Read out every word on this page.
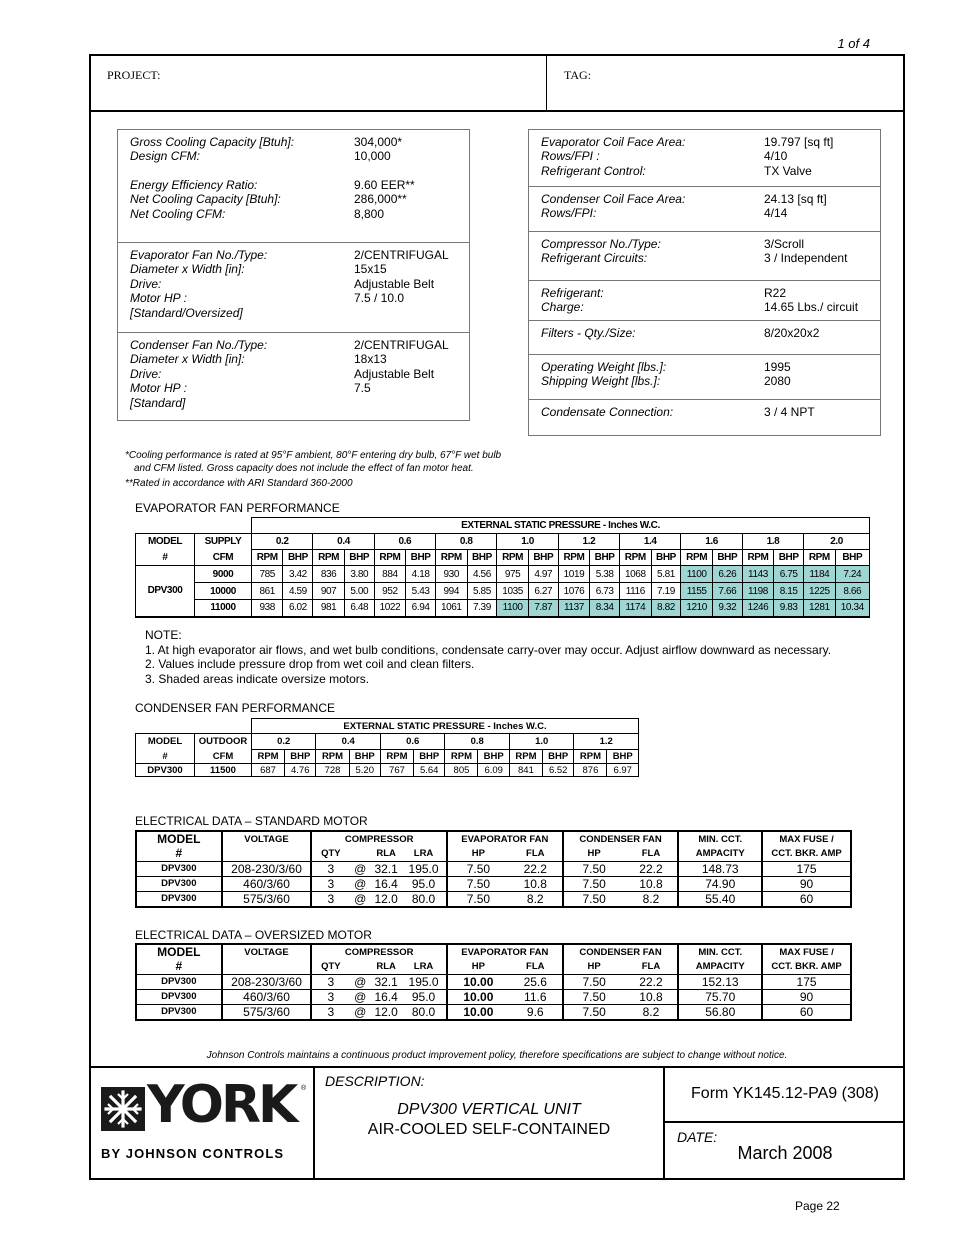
1 of 4
PROJECT:	TAG:
Gross Cooling Capacity [Btuh]:	304,000*
Design CFM:	10,000
Energy Efficiency Ratio:	9.60 EER**
Net Cooling Capacity [Btuh]:	286,000**
Net Cooling CFM:	8,800
Evaporator Fan No./Type:	2/CENTRIFUGAL
Diameter x Width [in]:	15x15
Drive:	Adjustable Belt
Motor HP :	7.5 / 10.0
[Standard/Oversized]
Condenser Fan No./Type:	2/CENTRIFUGAL
Diameter x Width [in]:	18x13
Drive:	Adjustable Belt
Motor HP :	7.5
[Standard]
Evaporator Coil Face Area:	19.797 [sq ft]
Rows/FPI :	4/10
Refrigerant Control:	TX Valve
Condenser Coil Face Area:	24.13 [sq ft]
Rows/FPI:	4/14
Compressor No./Type:	3/Scroll
Refrigerant Circuits:	3 / Independent
Refrigerant:	R22
Charge:	14.65 Lbs./ circuit
Filters - Qty./Size:	8/20x20x2
Operating Weight [lbs.]:	1995
Shipping Weight [lbs.]:	2080
Condensate Connection:	3 / 4 NPT
*Cooling performance is rated at 95°F ambient, 80°F entering dry bulb, 67°F wet bulb
and CFM listed. Gross capacity does not include the effect of fan motor heat.
**Rated in accordance with ARI Standard 360-2000
EVAPORATOR FAN PERFORMANCE
		EXTERNAL STATIC PRESSURE - Inches W.C.																			
MODEL	SUPPLY	0.2		0.4		0.6		0.8		1.0		1.2		1.4		1.6		1.8		2.0	
#	CFM	RPM	BHP	RPM	BHP	RPM	BHP	RPM	BHP	RPM	BHP	RPM	BHP	RPM	BHP	RPM	BHP	RPM	BHP	RPM	BHP
DPV300	9000	785	3.42	836	3.80	884	4.18	930	4.56	975	4.97	1019	5.38	1068	5.81	1100	6.26	1143	6.75	1184	7.24
	10000	861	4.59	907	5.00	952	5.43	994	5.85	1035	6.27	1076	6.73	1116	7.19	1155	7.66	1198	8.15	1225	8.66
	11000	938	6.02	981	6.48	1022	6.94	1061	7.39	1100	7.87	1137	8.34	1174	8.82	1210	9.32	1246	9.83	1281	10.34
NOTE:
1. At high evaporator air flows, and wet bulb conditions, condensate carry-over may occur. Adjust airflow downward as necessary.
2. Values include pressure drop from wet coil and clean filters.
3. Shaded areas indicate oversize motors.
CONDENSER FAN PERFORMANCE
		EXTERNAL STATIC PRESSURE - Inches W.C.											
MODEL	OUTDOOR	0.2		0.4		0.6		0.8		1.0		1.2	
#	CFM	RPM	BHP	RPM	BHP	RPM	BHP	RPM	BHP	RPM	BHP	RPM	BHP
DPV300	11500	687	4.76	728	5.20	767	5.64	805	6.09	841	6.52	876	6.97
ELECTRICAL DATA – STANDARD MOTOR
MODEL	VOLTAGE	COMPRESSOR				EVAPORATOR FAN		CONDENSER FAN		MIN. CCT.	MAX FUSE /
#		QTY		RLA	LRA	HP	FLA	HP	FLA	AMPACITY	CCT. BKR. AMP
DPV300	208-230/3/60	3	@	32.1	195.0	7.50	22.2	7.50	22.2	148.73	175
DPV300	460/3/60	3	@	16.4	95.0	7.50	10.8	7.50	10.8	74.90	90
DPV300	575/3/60	3	@	12.0	80.0	7.50	8.2	7.50	8.2	55.40	60
ELECTRICAL DATA – OVERSIZED MOTOR
MODEL	VOLTAGE	COMPRESSOR				EVAPORATOR FAN		CONDENSER FAN		MIN. CCT.	MAX FUSE /
#		QTY		RLA	LRA	HP	FLA	HP	FLA	AMPACITY	CCT. BKR. AMP
DPV300	208-230/3/60	3	@	32.1	195.0	10.00	25.6	7.50	22.2	152.13	175
DPV300	460/3/60	3	@	16.4	95.0	10.00	11.6	7.50	10.8	75.70	90
DPV300	575/3/60	3	@	12.0	80.0	10.00	9.6	7.50	8.2	56.80	60
Johnson Controls maintains a continuous product improvement policy, therefore specifications are subject to change without notice.
YORK ®
BY JOHNSON CONTROLS
DESCRIPTION:
DPV300 VERTICAL UNIT
AIR-COOLED SELF-CONTAINED
Form YK145.12-PA9 (308)
DATE:
March 2008
Page 22
